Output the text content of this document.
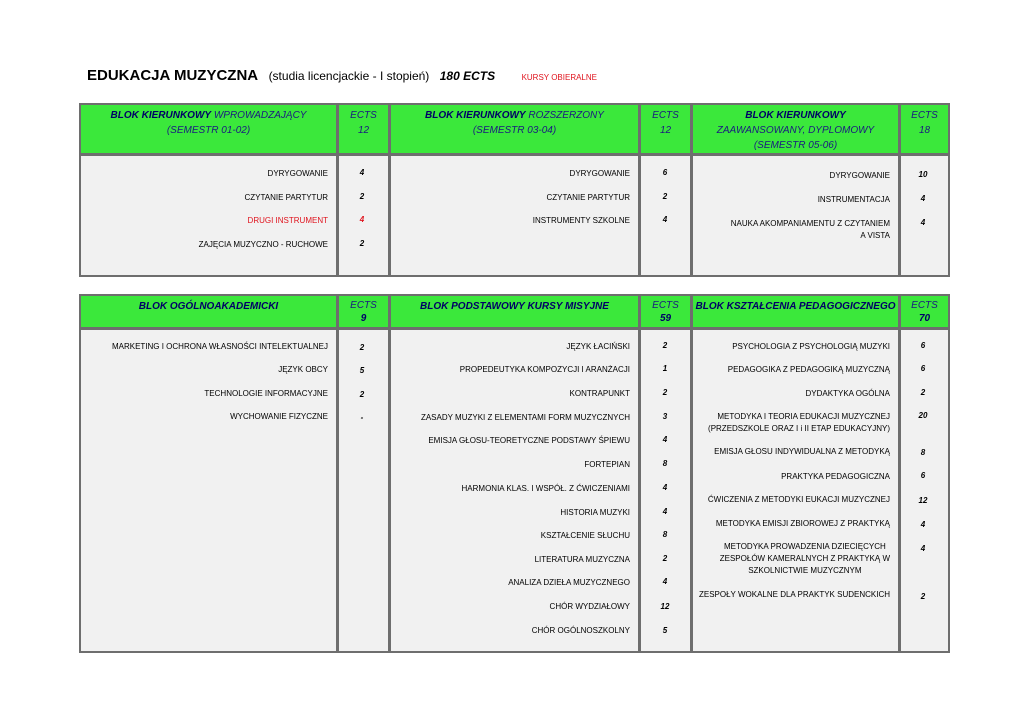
EDUKACJA MUZYCZNA (studia licencjackie - I stopień) 180 ECTS	KURSY OBIERALNE
BLOK KIERUNKOWY WPROWADZAJĄCY
(SEMESTR 01-02)
ECTS
12
BLOK KIERUNKOWY ROZSZERZONY
(SEMESTR 03-04)
ECTS
12
BLOK KIERUNKOWY
ZAAWANSOWANY, DYPLOMOWY
(SEMESTR 05-06)
ECTS
18
DYRYGOWANIE	4
CZYTANIE PARTYTUR	2
DRUGI INSTRUMENT	4
ZAJĘCIA MUZYCZNO - RUCHOWE	2
DYRYGOWANIE	6
CZYTANIE PARTYTUR	2
INSTRUMENTY SZKOLNE	4
DYRYGOWANIE	10
INSTRUMENTACJA	4
NAUKA AKOMPANIAMENTU Z CZYTANIEM
A VISTA
4
BLOK OGÓLNOAKADEMICKI	ECTS
9
BLOK PODSTAWOWY KURSY MISYJNE	ECTS
59
BLOK KSZTAŁCENIA PEDAGOGICZNEGO	ECTS
70
MARKETING I OCHRONA WŁASNOŚCI INTELEKTUALNEJ	2
JĘZYK OBCY	5
TECHNOLOGIE INFORMACYJNE	2
WYCHOWANIE FIZYCZNE	-
JĘZYK ŁACIŃSKI	2
PROPEDEUTYKA KOMPOZYCJI I ARANŻACJI	1
KONTRAPUNKT	2
ZASADY MUZYKI Z ELEMENTAMI FORM MUZYCZNYCH	3
EMISJA GŁOSU-TEORETYCZNE PODSTAWY ŚPIEWU	4
FORTEPIAN	8
HARMONIA KLAS. I WSPÓŁ. Z ĆWICZENIAMI	4
HISTORIA MUZYKI	4
KSZTAŁCENIE SŁUCHU	8
LITERATURA MUZYCZNA	2
ANALIZA DZIEŁA MUZYCZNEGO	4
CHÓR WYDZIAŁOWY	12
CHÓR OGÓLNOSZKOLNY	5
PSYCHOLOGIA Z PSYCHOLOGIĄ MUZYKI	6
PEDAGOGIKA Z PEDAGOGIKĄ MUZYCZNĄ	6
DYDAKTYKA OGÓLNA	2
METODYKA I TEORIA EDUKACJI MUZYCZNEJ
(PRZEDSZKOLE ORAZ I i II ETAP EDUKACYJNY)
20
EMISJA GŁOSU INDYWIDUALNA Z METODYKĄ	8
PRAKTYKA PEDAGOGICZNA	6
ĆWICZENIA Z METODYKI EUKACJI MUZYCZNEJ	12
METODYKA EMISJI ZBIOROWEJ Z PRAKTYKĄ	4
METODYKA PROWADZENIA DZIECIĘCYCH
ZESPOŁÓW KAMERALNYCH Z PRAKTYKĄ W
SZKOLNICTWIE MUZYCZNYM
4
ZESPOŁY WOKALNE DLA PRAKTYK SUDENCKICH	2
